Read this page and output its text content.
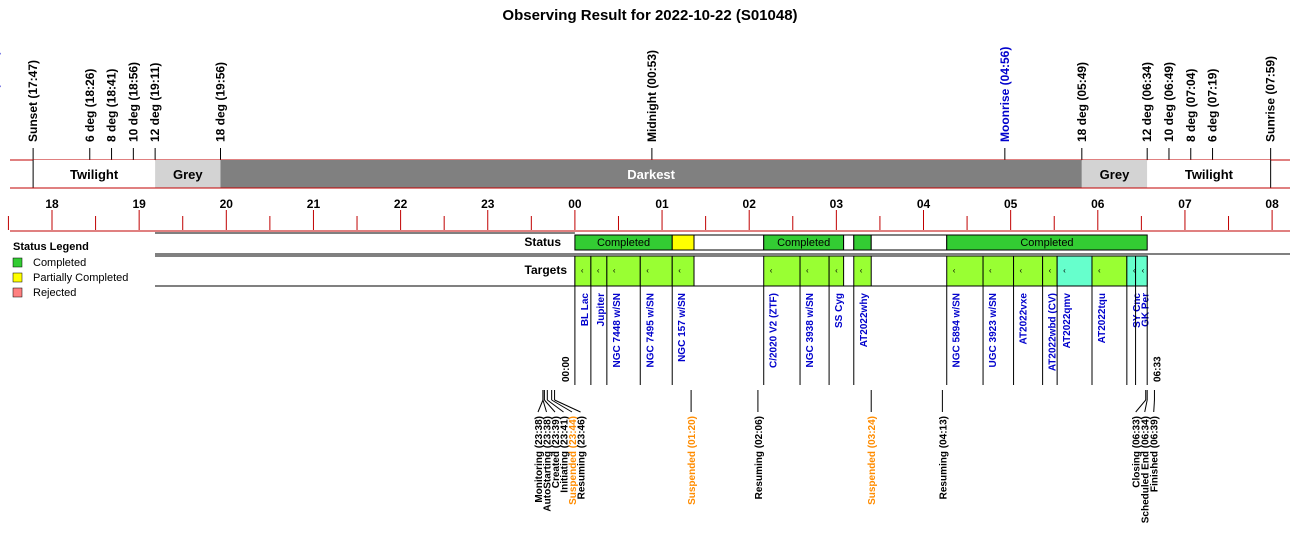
Observing Result for 2022-10-22 (S01048)
Sunset (17:47)	6 deg (18:26) 8 deg (18:41) 10 deg (18:56) 12 deg (19:11)	18 deg (19:56)	Midnight (00:53)	Moonrise (04:56)	18 deg (05:49)	12 deg (06:34) 10 deg (06:49) 8 deg (07:04) 6 deg (07:19)	Sunrise (07:59)
Twilight	Grey	Darkest	Grey	Twilight
18	19	20	21	22	23	00	01	02	03	04	05	06	07	08
Status Legend
Completed
Partially Completed
Rejected
Status	Completed	Completed	Completed
Targets ‹
BL Lac
‹
Jupiter
‹
NGC 7448 w/SN
‹
NGC 7495 w/SN
‹
NGC 157 w/SN
‹
C/2020 V2 (ZTF)
‹
NGC 3938 w/SN
‹
SS Cyg
‹
AT2022why
‹
NGC 5894 w/SN
‹
UGC 3923 w/SN
‹
AT2022vxe
‹
AT2022wbd (CV)
‹
AT2022qmv
‹
AT2022tqu
‹
SY Cnc
‹
GK Per
00:00	06:33
Monitoring (23:38)
AutoStarting (23:38)
Created (23:39)
Initiating (23:41)
Suspended (23:44)
Resuming (23:46)	Suspended (01:20)	Resuming (02:06)	Suspended (03:24)	Resuming (04:13)	Closing (06:33)
Scheduled End (06:34)
Finished (06:39)
